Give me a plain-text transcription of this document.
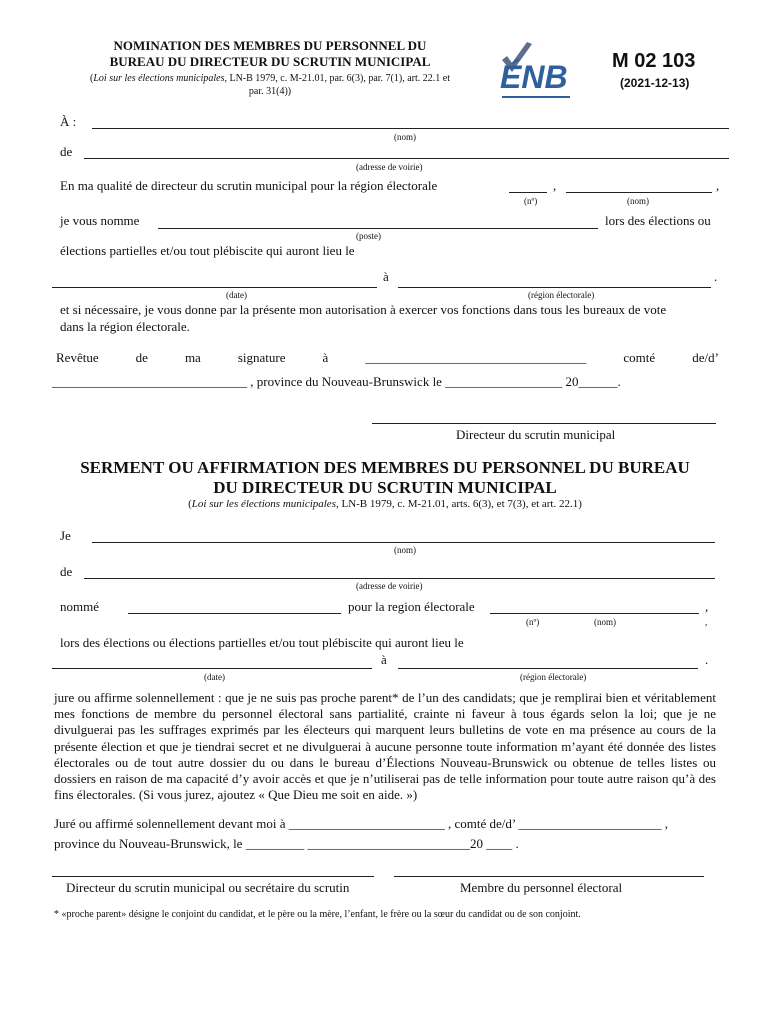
NOMINATION DES MEMBRES DU PERSONNEL DU
BUREAU DU DIRECTEUR DU SCRUTIN MUNICIPAL
(Loi sur les élections municipales, LN-B 1979, c. M-21.01, par. 6(3), par. 7(1), art. 22.1 et
par. 31(4))	ÉNB M 02 103
(2021-12-13)
À :
(nom)
de
(adresse de voirie)
En ma qualité de directeur du scrutin municipal pour la région électorale	,	,
(nº)	(nom)
je vous nomme	lors des élections ou
(poste)
élections partielles et/ou tout plébiscite qui auront lieu le
à	.
(date)	(région électorale)
et si nécessaire, je vous donne par la présente mon autorisation à exercer vos fonctions dans tous les bureaux de vote
dans la région électorale.
Revêtue	de	ma	signature	à	__________________________________	comté	de/d’
______________________________ , province du Nouveau-Brunswick le __________________ 20______.
Directeur du scrutin municipal
SERMENT OU AFFIRMATION DES MEMBRES DU PERSONNEL DU BUREAU
DU DIRECTEUR DU SCRUTIN MUNICIPAL
(Loi sur les élections municipales, LN-B 1979, c. M-21.01, arts. 6(3), et 7(3), et art. 22.1)
Je
(nom)
de
(adresse de voirie)
nommé	pour la region électorale	,
(nº)	(nom)	,
lors des élections ou élections partielles et/ou tout plébiscite qui auront lieu le
à	.
(date)	(région électorale)
jure ou affirme solennellement : que je ne suis pas proche parent* de l’un des candidats; que je remplirai bien et véritablement mes fonctions de membre du personnel électoral sans partialité, crainte ni faveur à tous égards selon la loi; que je ne divulguerai pas les suffrages exprimés par les électeurs qui marquent leurs bulletins de vote en ma présence au cours de la présente élection et que je tiendrai secret et ne divulguerai à aucune personne toute information m’ayant été donnée des listes électorales ou de tout autre dossier du ou dans le bureau d’Élections Nouveau-Brunswick ou obtenue de telles listes ou dossiers en raison de ma capacité d’y avoir accès et que je n’utiliserai pas de telle information pour toute autre raison qu’à des fins électorales. (Si vous jurez, ajoutez « Que Dieu me soit en aide. »)
Juré ou affirmé solennellement devant moi à ________________________ , comté de/d’ ______________________ ,
province du Nouveau-Brunswick, le _________ _________________________20 ____ .
Directeur du scrutin municipal ou secrétaire du scrutin	Membre du personnel électoral
* «proche parent» désigne le conjoint du candidat, et le père ou la mère, l’enfant, le frère ou la sœur du candidat ou de son conjoint.
